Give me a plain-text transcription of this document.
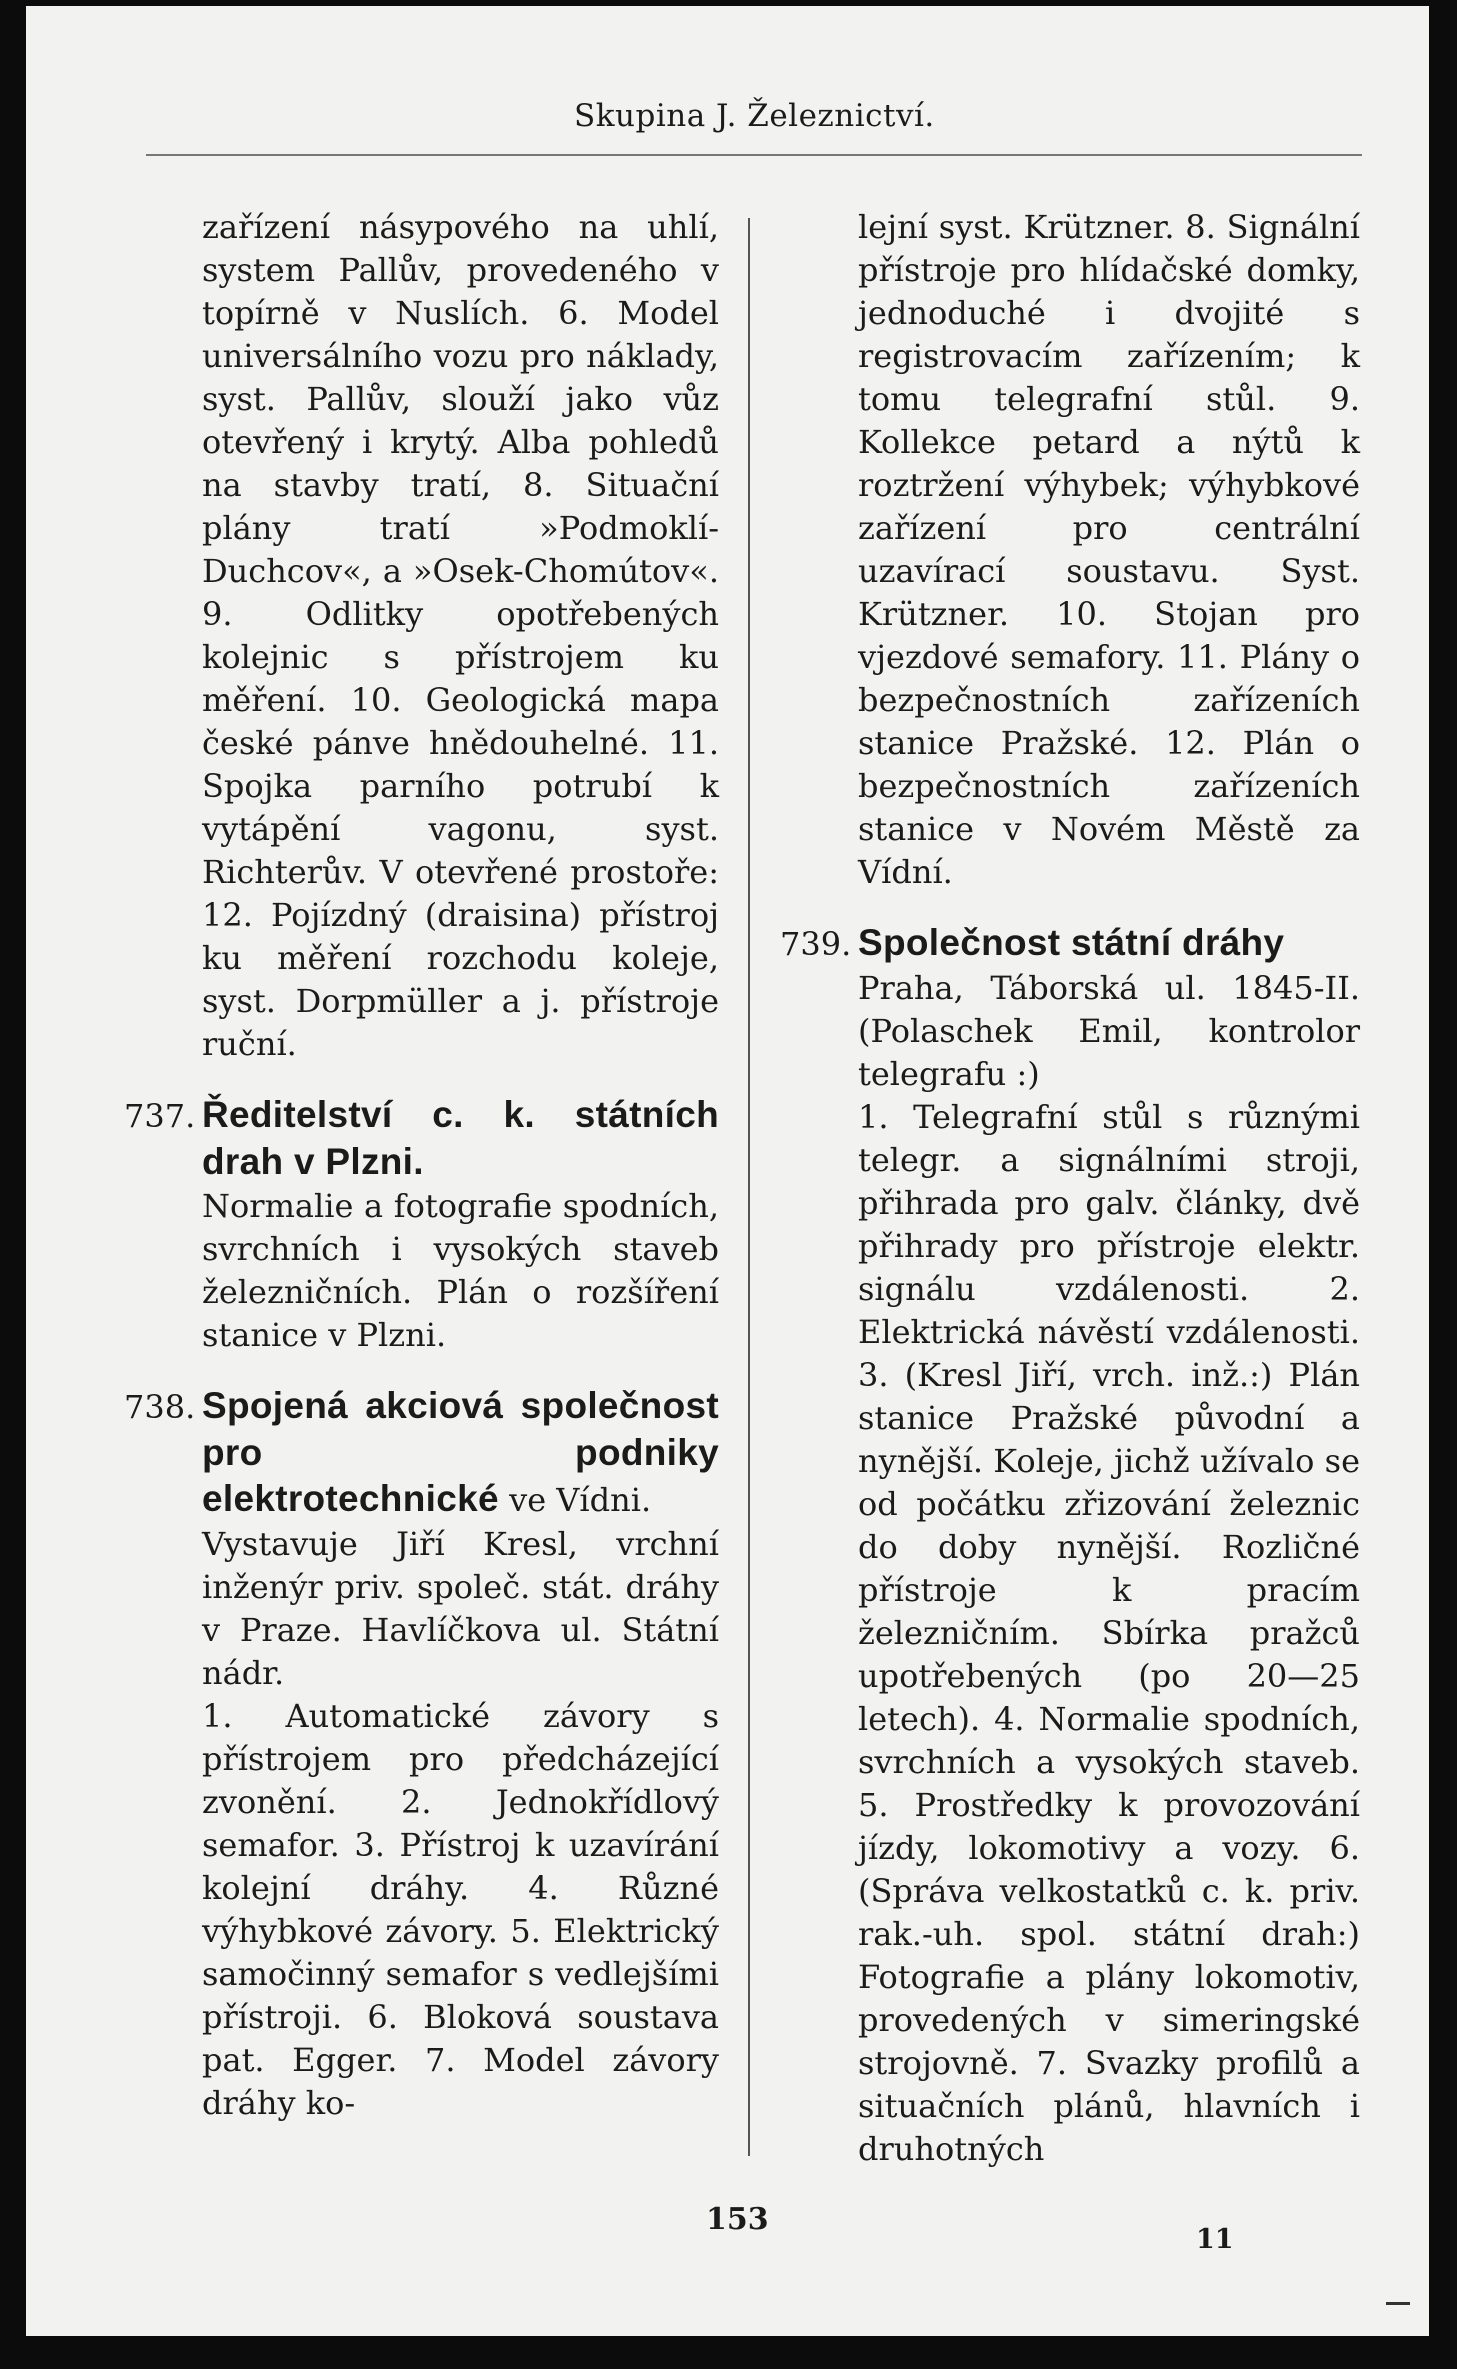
Skupina J. Železnictví.

zařízení násypového na uhlí, system Pallův, provedeného v topírně v Nuslích. 6. Model universálního vozu pro náklady, syst. Pallův, slouží jako vůz otevřený i krytý. Alba pohledů na stavby tratí, 8. Situační plány tratí »Podmoklí-Duchcov«, a »Osek-Chomútov«. 9. Odlitky opotřebených kolejnic s přístrojem ku měření. 10. Geologická mapa české pánve hnědouhelné. 11. Spojka parního potrubí k vytápění vagonu, syst. Richterův. V otevřené prostoře: 12. Pojízdný (draisina) přístroj ku měření rozchodu koleje, syst. Dorpmüller a j. přístroje ruční.

737. Ředitelství c. k. státních drah v Plzni.

Normalie a fotografie spodních, svrchních i vysokých staveb železničních. Plán o rozšíření stanice v Plzni.

738. Spojená akciová společnost pro podniky elektrotechnické ve Vídni.

Vystavuje Jiří Kresl, vrchní inženýr priv. společ. stát. dráhy v Praze. Havlíčkova ul. Státní nádr.

1. Automatické závory s přístrojem pro předcházející zvonění. 2. Jednokřídlový semafor. 3. Přístroj k uzavírání kolejní dráhy. 4. Různé výhybkové závory. 5. Elektrický samočinný semafor s vedlejšími přístroji. 6. Bloková soustava pat. Egger. 7. Model závory dráhy ko-

lejní syst. Krützner. 8. Signální přístroje pro hlídačské domky, jednoduché i dvojité s registrovacím zařízením; k tomu telegrafní stůl. 9. Kollekce petard a nýtů k roztržení výhybek; výhybkové zařízení pro centrální uzavírací soustavu. Syst. Krützner. 10. Stojan pro vjezdové semafory. 11. Plány o bezpečnostních zařízeních stanice Pražské. 12. Plán o bezpečnostních zařízeních stanice v Novém Městě za Vídní.

739. Společnost státní dráhy

Praha, Táborská ul. 1845-II. (Polaschek Emil, kontrolor telegrafu :)

1. Telegrafní stůl s různými telegr. a signálními stroji, přihrada pro galv. články, dvě přihrady pro přístroje elektr. signálu vzdálenosti. 2. Elektrická návěstí vzdálenosti. 3. (Kresl Jiří, vrch. inž.:) Plán stanice Pražské původní a nynější. Koleje, jichž užívalo se od počátku zřizování železnic do doby nynější. Rozličné přístroje k pracím železničním. Sbírka pražců upotřebených (po 20—25 letech). 4. Normalie spodních, svrchních a vysokých staveb. 5. Prostředky k provozování jízdy, lokomotivy a vozy. 6. (Správa velkostatků c. k. priv. rak.-uh. spol. státní drah:) Fotografie a plány lokomotiv, provedených v simeringské strojovně. 7. Svazky profilů a situačních plánů, hlavních i druhotných

153
11
